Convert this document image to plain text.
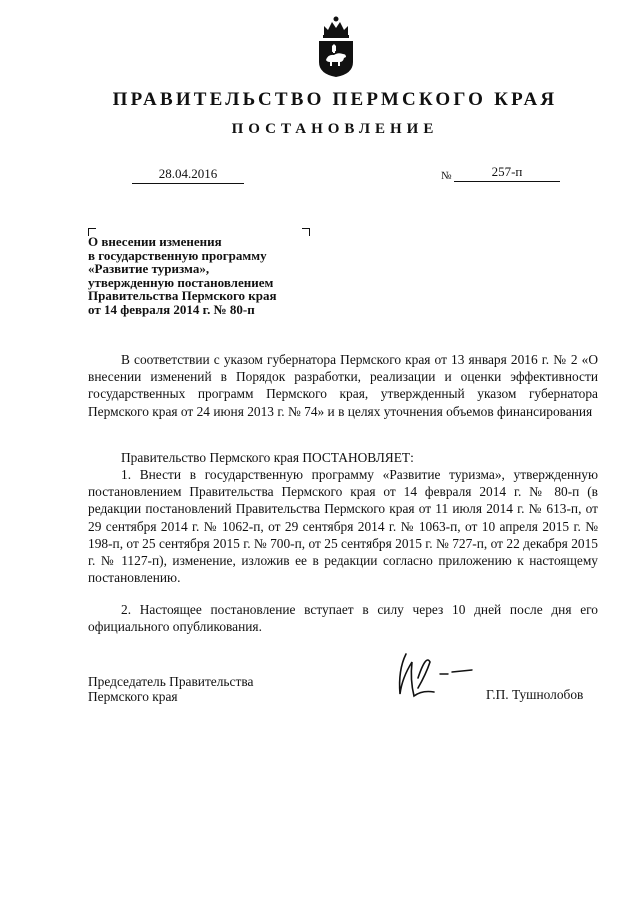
ПРАВИТЕЛЬСТВО ПЕРМСКОГО КРАЯ
ПОСТАНОВЛЕНИЕ
28.04.2016	№	257-п
О внесении изменения
в государственную программу
«Развитие туризма»,
утвержденную постановлением
Правительства Пермского края
от 14 февраля 2014 г. № 80-п
В соответствии с указом губернатора Пермского края от 13 января 2016 г. № 2 «О внесении изменений в Порядок разработки, реализации и оценки эффективности государственных программ Пермского края, утвержденный указом губернатора Пермского края от 24 июня 2013 г. № 74» и в целях уточнения объемов финансирования
Правительство Пермского края ПОСТАНОВЛЯЕТ:
1. Внести в государственную программу «Развитие туризма», утвержденную постановлением Правительства Пермского края от 14 февраля 2014 г. № 80-п (в редакции постановлений Правительства Пермского края от 11 июля 2014 г. № 613-п, от 29 сентября 2014 г. № 1062-п, от 29 сентября 2014 г. № 1063-п, от 10 апреля 2015 г. № 198-п, от 25 сентября 2015 г. № 700-п, от 25 сентября 2015 г. № 727-п, от 22 декабря 2015 г. № 1127-п), изменение, изложив ее в редакции согласно приложению к настоящему постановлению.
2. Настоящее постановление вступает в силу через 10 дней после дня его официального опубликования.
Председатель Правительства
Пермского края	Г.П. Тушнолобов
